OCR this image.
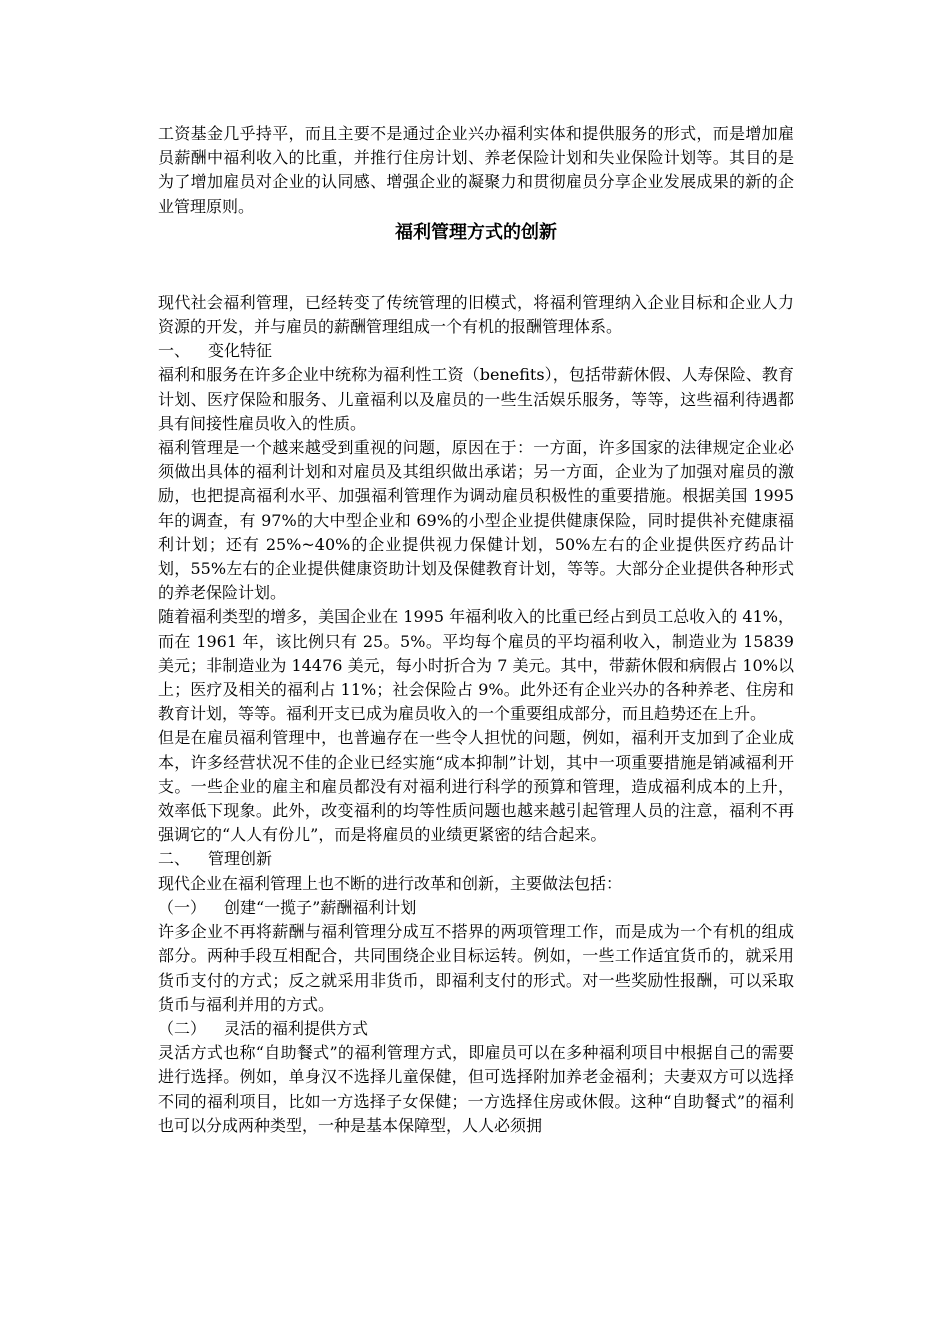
工资基金几乎持平，而且主要不是通过企业兴办福利实体和提供服务的形式，而是增加雇员薪酬中福利收入的比重，并推行住房计划、养老保险计划和失业保险计划等。其目的是为了增加雇员对企业的认同感、增强企业的凝聚力和贯彻雇员分享企业发展成果的新的企业管理原则。

福利管理方式的创新

现代社会福利管理，已经转变了传统管理的旧模式，将福利管理纳入企业目标和企业人力资源的开发，并与雇员的薪酬管理组成一个有机的报酬管理体系。

一、 变化特征

福利和服务在许多企业中统称为福利性工资（benefits），包括带薪休假、人寿保险、教育计划、医疗保险和服务、儿童福利以及雇员的一些生活娱乐服务，等等，这些福利待遇都具有间接性雇员收入的性质。

福利管理是一个越来越受到重视的问题，原因在于：一方面，许多国家的法律规定企业必须做出具体的福利计划和对雇员及其组织做出承诺；另一方面，企业为了加强对雇员的激励，也把提高福利水平、加强福利管理作为调动雇员积极性的重要措施。根据美国 1995 年的调查，有 97%的大中型企业和 69%的小型企业提供健康保险，同时提供补充健康福利计划；还有 25%~40%的企业提供视力保健计划，50%左右的企业提供医疗药品计划，55%左右的企业提供健康资助计划及保健教育计划，等等。大部分企业提供各种形式的养老保险计划。

随着福利类型的增多，美国企业在 1995 年福利收入的比重已经占到员工总收入的 41%，而在 1961 年，该比例只有 25。5%。平均每个雇员的平均福利收入，制造业为 15839 美元；非制造业为 14476 美元，每小时折合为 7 美元。其中，带薪休假和病假占 10%以上；医疗及相关的福利占 11%；社会保险占 9%。此外还有企业兴办的各种养老、住房和教育计划，等等。福利开支已成为雇员收入的一个重要组成部分，而且趋势还在上升。

但是在雇员福利管理中，也普遍存在一些令人担忧的问题，例如，福利开支加到了企业成本，许多经营状况不佳的企业已经实施“成本抑制”计划，其中一项重要措施是销减福利开支。一些企业的雇主和雇员都没有对福利进行科学的预算和管理，造成福利成本的上升，效率低下现象。此外，改变福利的均等性质问题也越来越引起管理人员的注意，福利不再强调它的“人人有份儿”，而是将雇员的业绩更紧密的结合起来。

二、 管理创新

现代企业在福利管理上也不断的进行改革和创新，主要做法包括：

（一） 创建“一揽子”薪酬福利计划

许多企业不再将薪酬与福利管理分成互不搭界的两项管理工作，而是成为一个有机的组成部分。两种手段互相配合，共同围绕企业目标运转。例如，一些工作适宜货币的，就采用货币支付的方式；反之就采用非货币，即福利支付的形式。对一些奖励性报酬，可以采取货币与福利并用的方式。

（二） 灵活的福利提供方式

灵活方式也称“自助餐式”的福利管理方式，即雇员可以在多种福利项目中根据自己的需要进行选择。例如，单身汉不选择儿童保健，但可选择附加养老金福利；夫妻双方可以选择不同的福利项目，比如一方选择子女保健；一方选择住房或休假。这种“自助餐式”的福利也可以分成两种类型，一种是基本保障型，人人必须拥
